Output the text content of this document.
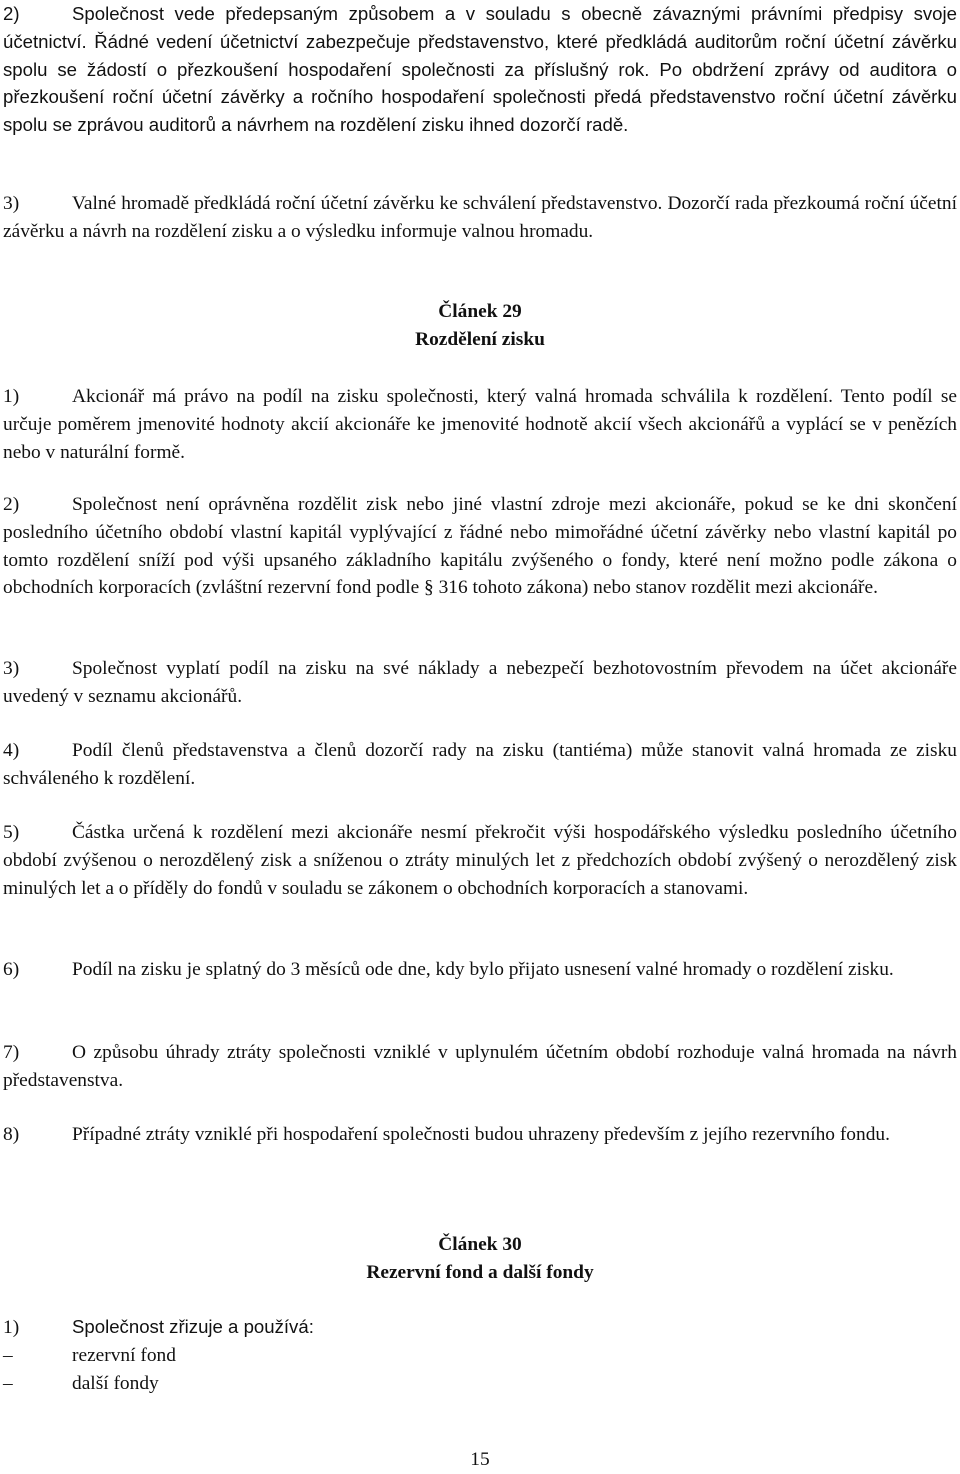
2)	Společnost vede předepsaným způsobem a v souladu s obecně závaznými právními předpisy svoje účetnictví. Řádné vedení účetnictví zabezpečuje představenstvo, které předkládá auditorům roční účetní závěrku spolu se žádostí o přezkoušení hospodaření společnosti za příslušný rok. Po obdržení zprávy od auditora o přezkoušení roční účetní závěrky a ročního hospodaření společnosti předá představenstvo roční účetní závěrku spolu se zprávou auditorů a návrhem na rozdělení zisku ihned dozorčí radě.

3)	Valné hromadě předkládá roční účetní závěrku ke schválení představenstvo. Dozorčí rada přezkoumá roční účetní závěrku a návrh na rozdělení zisku a o výsledku informuje valnou hromadu.

Článek 29

Rozdělení zisku

1)	Akcionář má právo na podíl na zisku společnosti, který valná hromada schválila k rozdělení. Tento podíl se určuje poměrem jmenovité hodnoty akcií akcionáře ke jmenovité hodnotě akcií všech akcionářů a vyplácí se v penězích nebo v naturální formě.

2)	Společnost není oprávněna rozdělit zisk nebo jiné vlastní zdroje mezi akcionáře, pokud se ke dni skončení posledního účetního období vlastní kapitál vyplývající z řádné nebo mimořádné účetní závěrky nebo vlastní kapitál po tomto rozdělení sníží pod výši upsaného základního kapitálu zvýšeného o fondy, které není možno podle zákona o obchodních korporacích (zvláštní rezervní fond podle § 316 tohoto zákona) nebo stanov rozdělit mezi akcionáře.

3)	Společnost vyplatí podíl na zisku na své náklady a nebezpečí bezhotovostním převodem na účet akcionáře uvedený v seznamu akcionářů.

4)	Podíl členů představenstva a členů dozorčí rady na zisku (tantiéma) může stanovit valná hromada ze zisku schváleného k rozdělení.

5)	Částka určená k rozdělení mezi akcionáře nesmí překročit výši hospodářského výsledku posledního účetního období zvýšenou o nerozdělený zisk a sníženou o ztráty minulých let z předchozích období zvýšený o nerozdělený zisk minulých let a o příděly do fondů v souladu se zákonem o obchodních korporacích a stanovami.

6)	Podíl na zisku je splatný do 3 měsíců ode dne, kdy bylo přijato usnesení valné hromady o rozdělení zisku.

7)	O způsobu úhrady ztráty společnosti vzniklé v uplynulém účetním období rozhoduje valná hromada na návrh představenstva.

8)	Případné ztráty vzniklé při hospodaření společnosti budou uhrazeny především z jejího rezervního fondu.

Článek 30

Rezervní fond a další fondy

1)	Společnost zřizuje a používá:

–	rezervní fond

–	další fondy

15
